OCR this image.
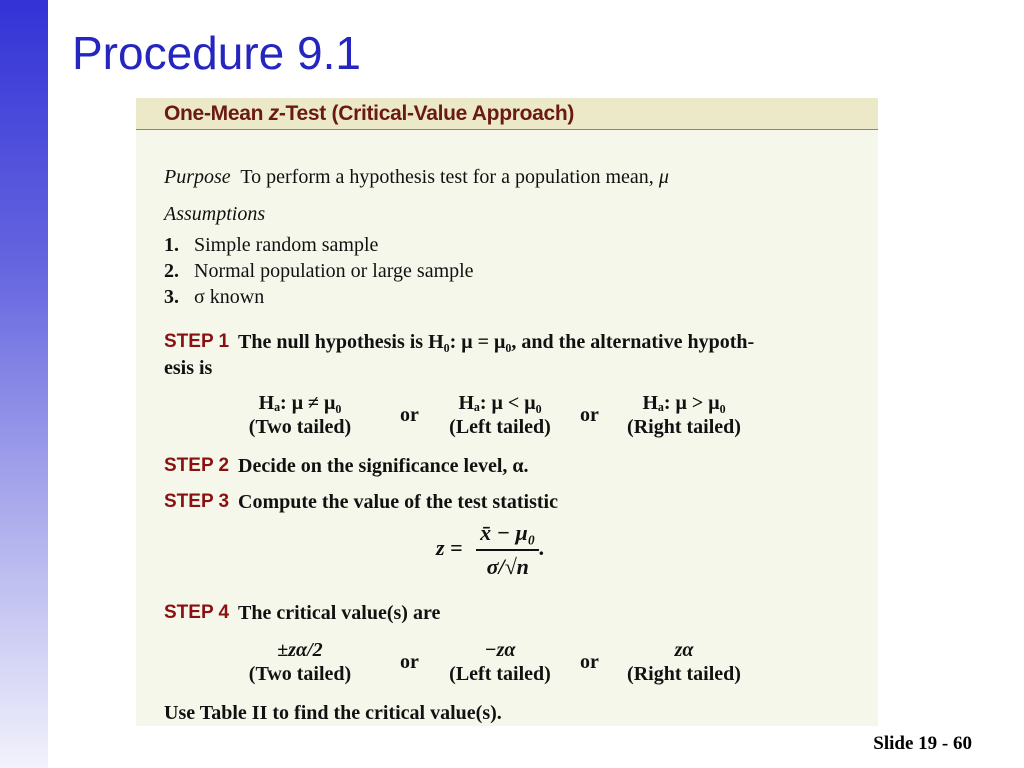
Procedure 9.1
One-Mean z-Test (Critical-Value Approach)
Purpose To perform a hypothesis test for a population mean, μ
Assumptions
1. Simple random sample
2. Normal population or large sample
3. σ known
STEP 1 The null hypothesis is H₀: μ = μ₀, and the alternative hypoth-
esis is
Hₐ: μ ≠ μ₀
(Two tailed)
or
Hₐ: μ < μ₀
(Left tailed)
or
Hₐ: μ > μ₀
(Right tailed)
STEP 2 Decide on the significance level, α.
STEP 3 Compute the value of the test statistic
$z = \frac{\text{x̄ − μ₀}}{\sigma/√n}$ .
STEP 4 The critical value(s) are
±zα/2
(Two tailed)
or
−zα
(Left tailed)
or
zα
(Right tailed)
Use Table II to find the critical value(s).
Slide 19 - 60
